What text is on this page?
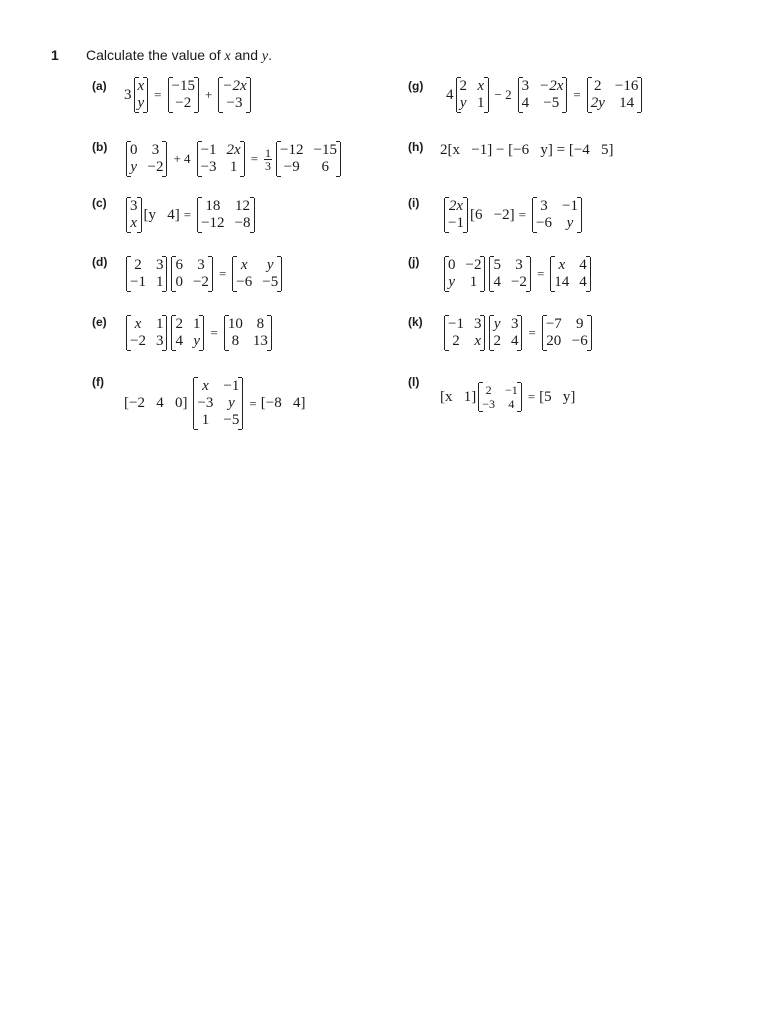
1 Calculate the value of x and y.
(a)
3
x
y
=
−15
−2
+
−2x
−3
(b) 0 3
y −2
+ 4
−1 2x
−3 1
= $\frac{1}{3} -12 -15$
−9	6
(c) 3
x
[y   4] =
18 12
−12 −8
(d) 2 3
−1 1
6 3
0 −2
=
x	y
−6 −5
(e)	x 1
−2 3
2 1
4 y
=
10 8
8 13
(f)
[−2   4   0]
x −1
−3 y
1 −5
= [−8   4]
(g)
4
2 x
y 1
− 2
3 −2x
4 −5
=
2 −16
2y 14
(h) 2[x   −1] − [−6   y] = [−4   5]
(i) 2x
−1
[6   −2] =
3 −1
−6 y
(j) 0 −2
y 1
5 3
4 −2
=
x 4
14 4
(k) −1 3
2 x
y 3
2 4
=
−7 9
20 −6
(l)
[x   1] 2 −1
−3 4 = [5   y]
